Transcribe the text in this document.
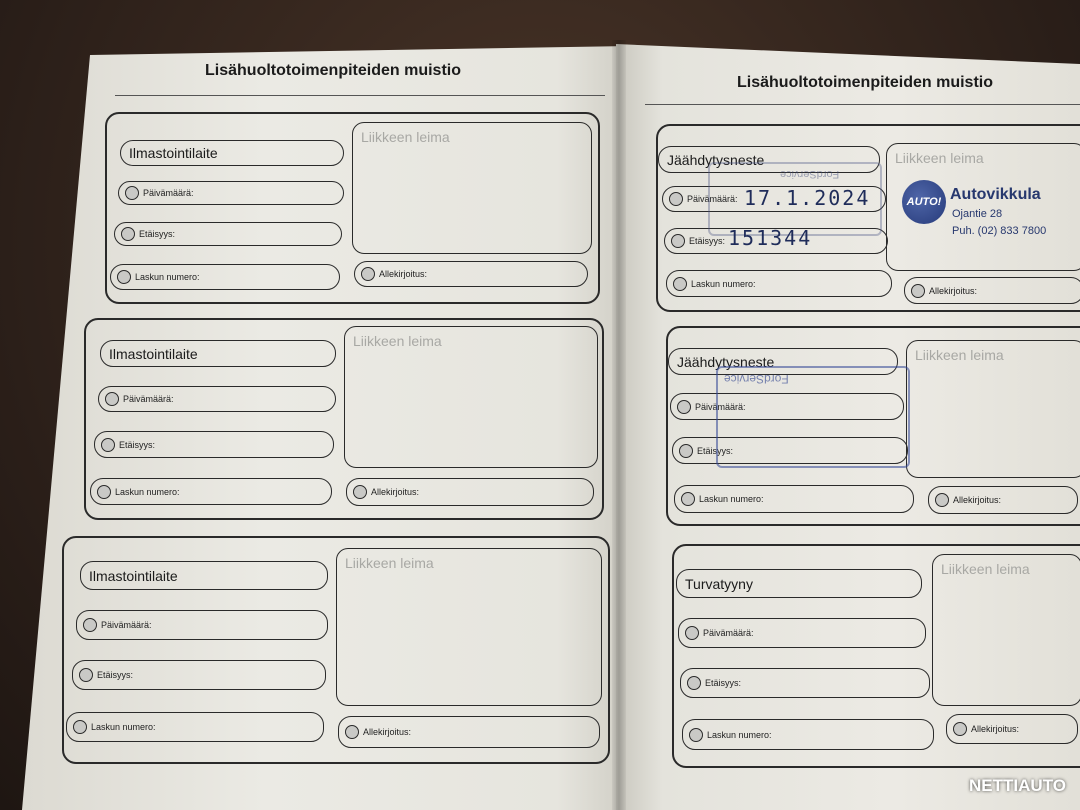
Lisähuoltotoimenpiteiden muistio
Ilmastointilaite
Päivämäärä:
Etäisyys:
Laskun numero:
Liikkeen leima
Allekirjoitus:
Ilmastointilaite
Päivämäärä:
Etäisyys:
Laskun numero:
Liikkeen leima
Allekirjoitus:
Ilmastointilaite
Päivämäärä:
Etäisyys:
Laskun numero:
Liikkeen leima
Allekirjoitus:
Lisähuoltotoimenpiteiden muistio
Jäähdytysneste
Päivämäärä:
Etäisyys:
Laskun numero:
Liikkeen leima
Allekirjoitus:
FordService
17.1.2024
151344
AUTO! Autovikkula
Ojantie 28
Puh. (02) 833 7800
Jäähdytysneste
Päivämäärä:
Etäisyys:
Laskun numero:
Liikkeen leima
Allekirjoitus:
FordService
Turvatyyny
Päivämäärä:
Etäisyys:
Laskun numero:
Liikkeen leima
Allekirjoitus:
NETTIAUTO
